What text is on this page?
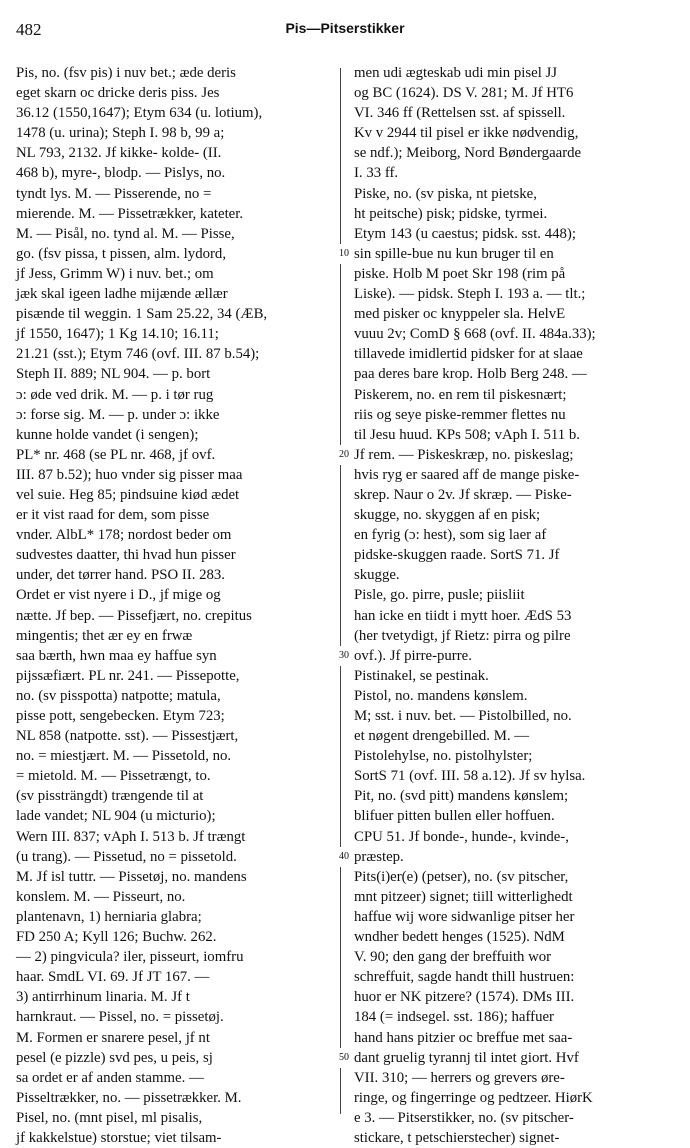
482	Pis—Pitserstikker
Pis, no. (fsv pis) i nuv bet.; æde deris
eget skarn oc dricke deris piss. Jes
36.12 (1550,1647); Etym 634 (u. lotium),
1478 (u. urina); Steph I. 98 b, 99 a;
NL 793, 2132. Jf kikke- kolde- (II.
468 b), myre-, blodp. — Pislys, no.
tyndt lys. M. — Pisserende, no =
mierende. M. — Pissetrækker, kateter.
M. — Pisål, no. tynd al. M. — Pisse,
go. (fsv pissa, t pissen, alm. lydord,
jf Jess, Grimm W) i nuv. bet.; om
jæk skal igeen ladhe mijænde ællær
pisænde til weggin. 1 Sam 25.22, 34 (ÆB,
jf 1550, 1647); 1 Kg 14.10; 16.11;
21.21 (sst.); Etym 746 (ovf. III. 87 b.54);
Steph II. 889; NL 904. — p. bort
ɔ: øde ved drik. M. — p. i tør rug
ɔ: forse sig. M. — p. under ɔ: ikke
kunne holde vandet (i sengen);
PL* nr. 468 (se PL nr. 468, jf ovf.
III. 87 b.52); huo vnder sig pisser maa
vel suie. Heg 85; pindsuine kiød ædet
er it vist raad for dem, som pisse
vnder. AlbL* 178; nordost beder om
sudvestes daatter, thi hvad hun pisser
under, det tørrer hand. PSO II. 283.
Ordet er vist nyere i D., jf mige og
nætte. Jf bep. — Pissefjært, no. crepitus
mingentis; thet ær ey en frwæ
saa bærth, hwn maa ey haffue syn
pijssæfiært. PL nr. 241. — Pissepotte,
no. (sv pisspotta) natpotte; matula,
pisse pott, sengebecken. Etym 723;
NL 858 (natpotte. sst). — Pissestjært,
no. = miestjært. M. — Pissetold, no.
= mietold. M. — Pissetrængt, to.
(sv pissträngdt) trængende til at
lade vandet; NL 904 (u micturio);
Wern III. 837; vAph I. 513 b. Jf trængt
(u trang). — Pissetud, no = pissetold.
M. Jf isl tuttr. — Pissetøj, no. mandens
konslem. M. — Pisseurt, no.
plantenavn, 1) herniaria glabra;
FD 250 A; Kyll 126; Buchw. 262.
— 2) pingvicula? iler, pisseurt, iomfru
haar. SmdL VI. 69. Jf JT 167. —
3) antirrhinum linaria. M. Jf t
harnkraut. — Pissel, no. = pissetøj.
M. Formen er snarere pesel, jf nt
pesel (e pizzle) svd pes, u peis, sj
sa ordet er af anden stamme. —
Pisseltrækker, no. — pissetrækker. M.
Pisel, no. (mnt pisel, ml pisalis,
jf kakkelstue) storstue; viet tilsam-
10
20
30
40
50
men udi ægteskab udi min pisel JJ
og BC (1624). DS V. 281; M. Jf HT6
VI. 346 ff (Rettelsen sst. af spissell.
Kv v 2944 til pisel er ikke nødvendig,
se ndf.); Meiborg, Nord Bøndergaarde
I. 33 ff.
Piske, no. (sv piska, nt pietske,
ht peitsche) pisk; pidske, tyrmei.
Etym 143 (u caestus; pidsk. sst. 448);
sin spille-bue nu kun bruger til en
piske. Holb M poet Skr 198 (rim på
Liske). — pidsk. Steph I. 193 a. — tlt.;
med pisker oc knyppeler sla. HelvE
vuuu 2v; ComD § 668 (ovf. II. 484a.33);
tillavede imidlertid pidsker for at slaae
paa deres bare krop. Holb Berg 248. —
Piskerem, no. en rem til piskesnært;
riis og seye piske-remmer flettes nu
til Jesu huud. KPs 508; vAph I. 511 b.
Jf rem. — Piskeskræp, no. piskeslag;
hvis ryg er saared aff de mange piske-
skrep. Naur o 2v. Jf skræp. — Piske-
skugge, no. skyggen af en pisk;
en fyrig (ɔ: hest), som sig laer af
pidske-skuggen raade. SortS 71. Jf
skugge.
Pisle, go. pirre, pusle; piisliit
han icke en tiidt i mytt hoer. ÆdS 53
(her tvetydigt, jf Rietz: pirra og pilre
ovf.). Jf pirre-purre.
Pistinakel, se pestinak.
Pistol, no. mandens kønslem.
M; sst. i nuv. bet. — Pistolbilled, no.
et nøgent drengebilled. M. —
Pistolehylse, no. pistolhylster;
SortS 71 (ovf. III. 58 a.12). Jf sv hylsa.
Pit, no. (svd pitt) mandens kønslem;
blifuer pitten bullen eller hoffuen.
CPU 51. Jf bonde-, hunde-, kvinde-,
præstep.
Pits(i)er(e) (petser), no. (sv pitscher,
mnt pitzeer) signet; tiill witterlighedt
haffue wij wore sidwanlige pitser her
wndher bedett henges (1525). NdM
V. 90; den gang der breffuith wor
schreffuit, sagde handt thill hustruen:
huor er NK pitzere? (1574). DMs III.
184 (= indsegel. sst. 186); haffuer
hand hans pitzier oc breffue met saa-
dant gruelig tyrannj til intet giort. Hvf
VII. 310; — herrers og grevers øre-
ringe, og fingerringe og pedtzeer. HiørK
e 3. — Pitserstikker, no. (sv pitscher-
stickare, t petschierstecher) signet-
